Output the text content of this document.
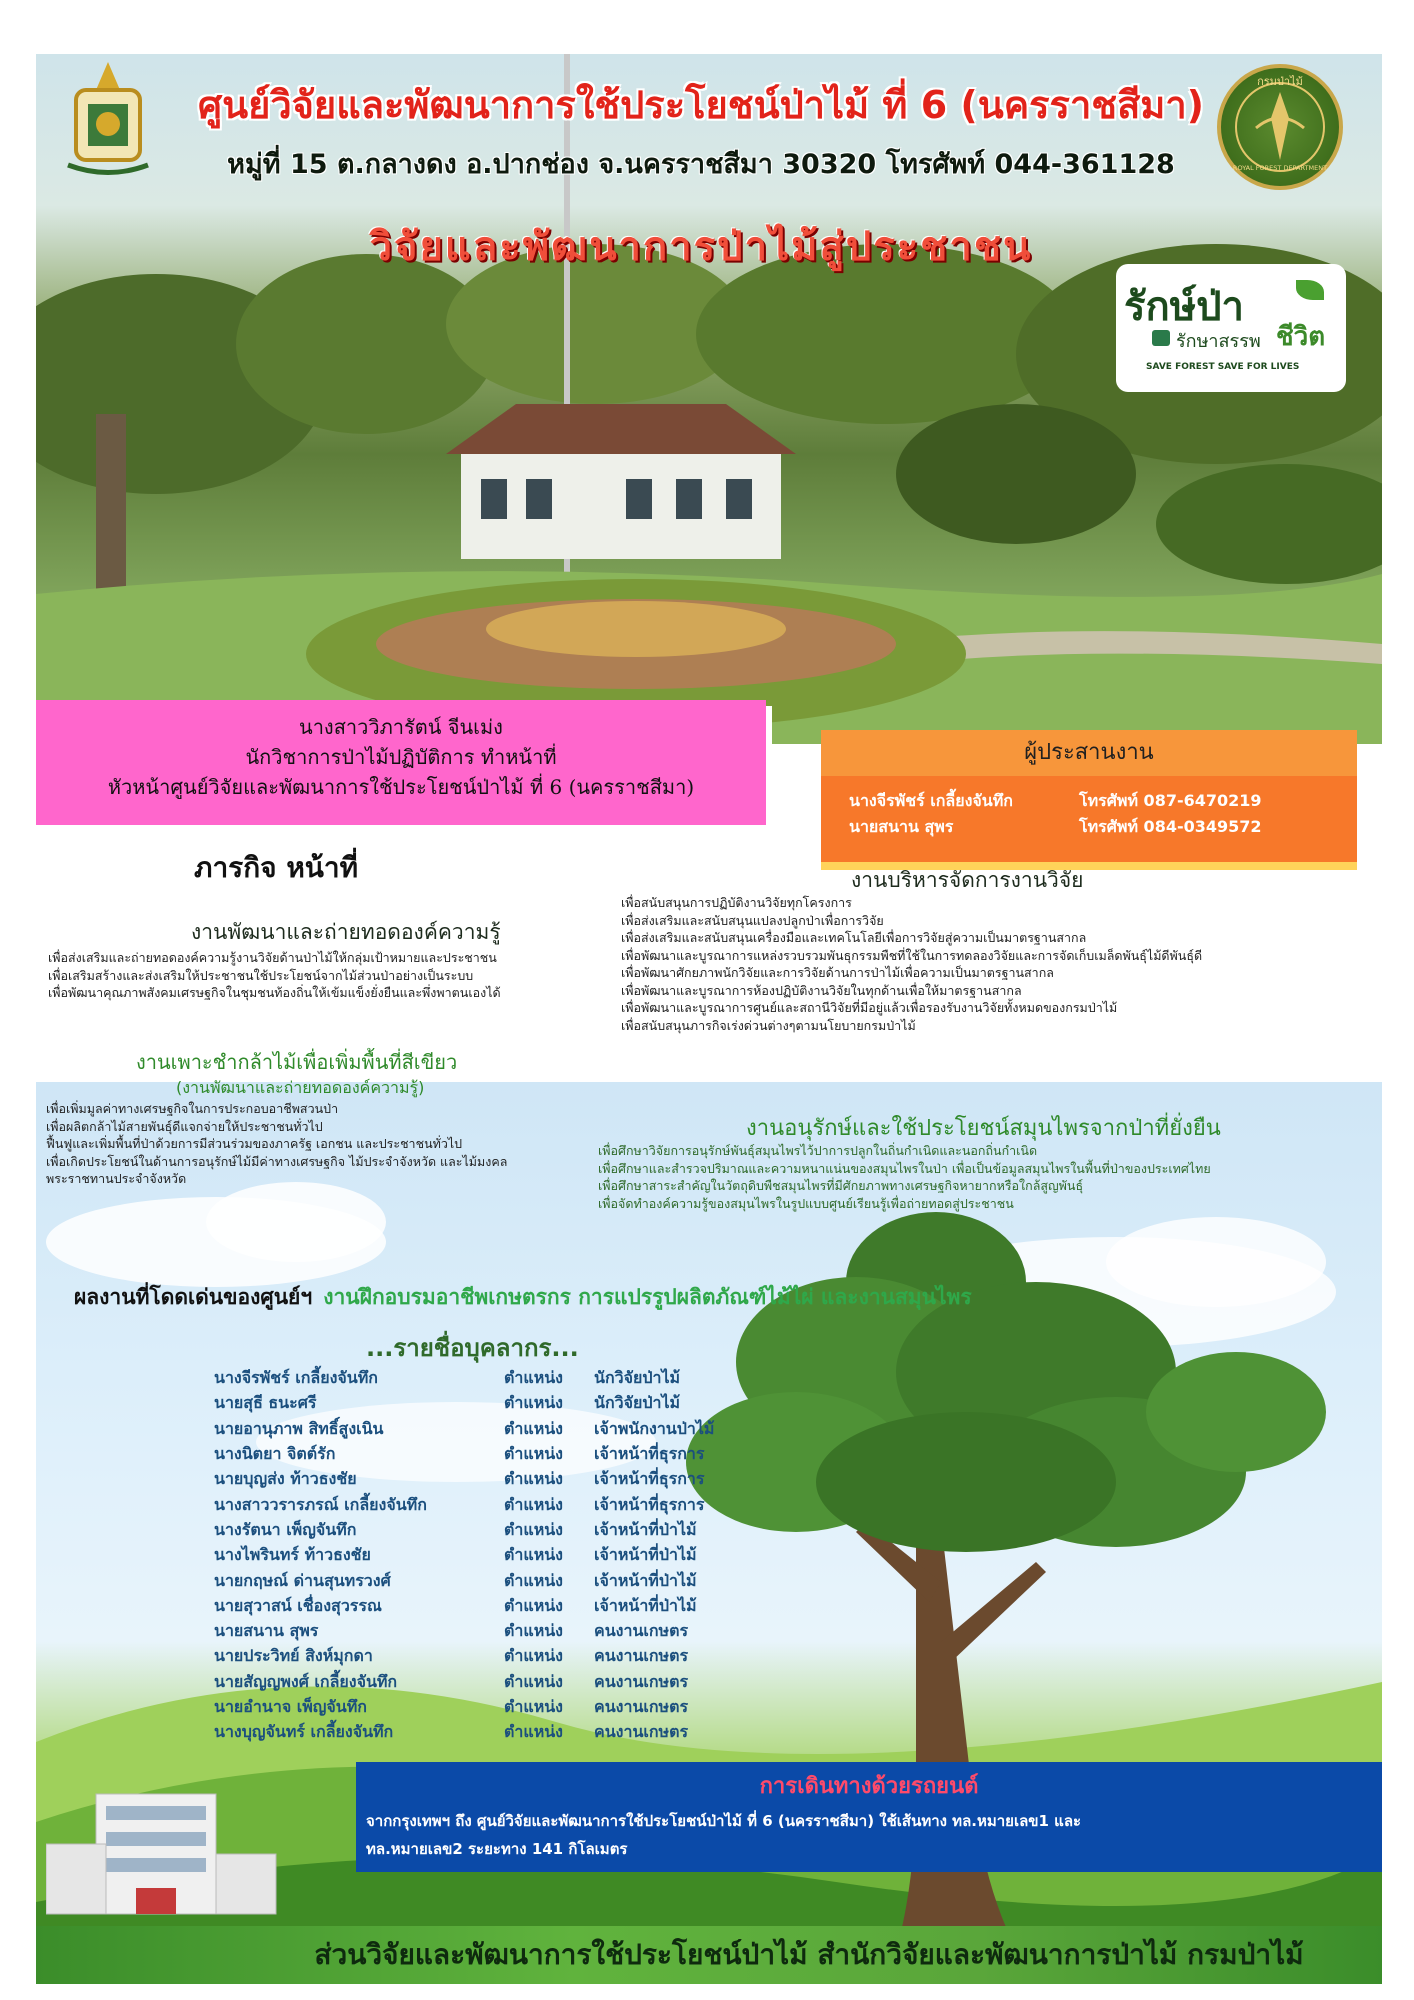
กรมป่าไม้
ROYAL FOREST DEPARTMENT
ศูนย์วิจัยและพัฒนาการใช้ประโยชน์ป่าไม้ ที่ 6 (นครราชสีมา)
หมู่ที่ 15 ต.กลางดง อ.ปากช่อง จ.นครราชสีมา 30320 โทรศัพท์ 044-361128
วิจัยและพัฒนาการป่าไม้สู่ประชาชน
รักษ์ป่า
ชีวิต
รักษาสรรพ
SAVE FOREST SAVE FOR LIVES
นางสาววิภารัตน์ จีนเม่ง
นักวิชาการป่าไม้ปฏิบัติการ ทำหน้าที่
หัวหน้าศูนย์วิจัยและพัฒนาการใช้ประโยชน์ป่าไม้ ที่ 6 (นครราชสีมา)
ผู้ประสานงาน
นางจีรพัชร์ เกลี้ยงจันทึก	โทรศัพท์ 087-6470219
นายสนาน สุพร	โทรศัพท์ 084-0349572
ภารกิจ หน้าที่
งานพัฒนาและถ่ายทอดองค์ความรู้
เพื่อส่งเสริมและถ่ายทอดองค์ความรู้งานวิจัยด้านป่าไม้ให้กลุ่มเป้าหมายและประชาชน
เพื่อเสริมสร้างและส่งเสริมให้ประชาชนใช้ประโยชน์จากไม้ส่วนป่าอย่างเป็นระบบ
เพื่อพัฒนาคุณภาพสังคมเศรษฐกิจในชุมชนท้องถิ่นให้เข้มแข็งยั่งยืนและพึ่งพาตนเองได้
งานบริหารจัดการงานวิจัย
เพื่อสนับสนุนการปฏิบัติงานวิจัยทุกโครงการ
เพื่อส่งเสริมและสนับสนุนแปลงปลูกป่าเพื่อการวิจัย
เพื่อส่งเสริมและสนับสนุนเครื่องมือและเทคโนโลยีเพื่อการวิจัยสู่ความเป็นมาตรฐานสากล
เพื่อพัฒนาและบูรณาการแหล่งรวบรวมพันธุกรรมพืชที่ใช้ในการทดลองวิจัยและการจัดเก็บเมล็ดพันธุ์ไม้ดีพันธุ์ดี
เพื่อพัฒนาศักยภาพนักวิจัยและการวิจัยด้านการป่าไม้เพื่อความเป็นมาตรฐานสากล
เพื่อพัฒนาและบูรณาการห้องปฏิบัติงานวิจัยในทุกด้านเพื่อให้มาตรฐานสากล
เพื่อพัฒนาและบูรณาการศูนย์และสถานีวิจัยที่มีอยู่แล้วเพื่อรองรับงานวิจัยทั้งหมดของกรมป่าไม้
เพื่อสนับสนุนภารกิจเร่งด่วนต่างๆตามนโยบายกรมป่าไม้
งานเพาะชำกล้าไม้เพื่อเพิ่มพื้นที่สีเขียว
(งานพัฒนาและถ่ายทอดองค์ความรู้)
เพื่อเพิ่มมูลค่าทางเศรษฐกิจในการประกอบอาชีพสวนป่า
เพื่อผลิตกล้าไม้สายพันธุ์ดีแจกจ่ายให้ประชาชนทั่วไป
ฟื้นฟูและเพิ่มพื้นที่ป่าด้วยการมีส่วนร่วมของภาครัฐ เอกชน และประชาชนทั่วไป
เพื่อเกิดประโยชน์ในด้านการอนุรักษ์ไม้มีค่าทางเศรษฐกิจ ไม้ประจำจังหวัด และไม้มงคล
พระราชทานประจำจังหวัด
งานอนุรักษ์และใช้ประโยชน์สมุนไพรจากป่าที่ยั่งยืน
เพื่อศึกษาวิจัยการอนุรักษ์พันธุ์สมุนไพรไว้ปาการปลูกในถิ่นกำเนิดและนอกถิ่นกำเนิด
เพื่อศึกษาและสำรวจปริมาณและความหนาแน่นของสมุนไพรในป่า เพื่อเป็นข้อมูลสมุนไพรในพื้นที่ป่าของประเทศไทย
เพื่อศึกษาสาระสำคัญในวัตถุดิบพืชสมุนไพรที่มีศักยภาพทางเศรษฐกิจหายากหรือใกล้สูญพันธุ์
เพื่อจัดทำองค์ความรู้ของสมุนไพรในรูปแบบศูนย์เรียนรู้เพื่อถ่ายทอดสู่ประชาชน
ผลงานที่โดดเด่นของศูนย์ฯ งานฝึกอบรมอาชีพเกษตรกร การแปรรูปผลิตภัณฑ์ไม้ไผ่ และงานสมุนไพร
...รายชื่อบุคลากร...
นางจีรพัชร์ เกลี้ยงจันทึก	ตำแหน่ง	นักวิจัยป่าไม้
นายสุธี ธนะศรี	ตำแหน่ง	นักวิจัยป่าไม้
นายอานุภาพ สิทธิ์สูงเนิน	ตำแหน่ง	เจ้าพนักงานป่าไม้
นางนิตยา จิตต์รัก	ตำแหน่ง	เจ้าหน้าที่ธุรการ
นายบุญส่ง ท้าวธงชัย	ตำแหน่ง	เจ้าหน้าที่ธุรการ
นางสาววรารภรณ์ เกลี้ยงจันทึก	ตำแหน่ง	เจ้าหน้าที่ธุรการ
นางรัตนา เพ็ญจันทึก	ตำแหน่ง	เจ้าหน้าที่ป่าไม้
นางไพรินทร์ ท้าวธงชัย	ตำแหน่ง	เจ้าหน้าที่ป่าไม้
นายกฤษณ์ ด่านสุนทรวงศ์	ตำแหน่ง	เจ้าหน้าที่ป่าไม้
นายสุวาสน์ เชื่องสุวรรณ	ตำแหน่ง	เจ้าหน้าที่ป่าไม้
นายสนาน สุพร	ตำแหน่ง	คนงานเกษตร
นายประวิทย์ สิงห์มุกดา	ตำแหน่ง	คนงานเกษตร
นายสัญญพงศ์ เกลี้ยงจันทึก	ตำแหน่ง	คนงานเกษตร
นายอำนาจ เพ็ญจันทึก	ตำแหน่ง	คนงานเกษตร
นางบุญจันทร์ เกลี้ยงจันทึก	ตำแหน่ง	คนงานเกษตร
การเดินทางด้วยรถยนต์
จากกรุงเทพฯ ถึง ศูนย์วิจัยและพัฒนาการใช้ประโยชน์ป่าไม้ ที่ 6 (นครราชสีมา) ใช้เส้นทาง ทล.หมายเลข1 และ
ทล.หมายเลข2 ระยะทาง 141 กิโลเมตร
ส่วนวิจัยและพัฒนาการใช้ประโยชน์ป่าไม้ สำนักวิจัยและพัฒนาการป่าไม้ กรมป่าไม้
